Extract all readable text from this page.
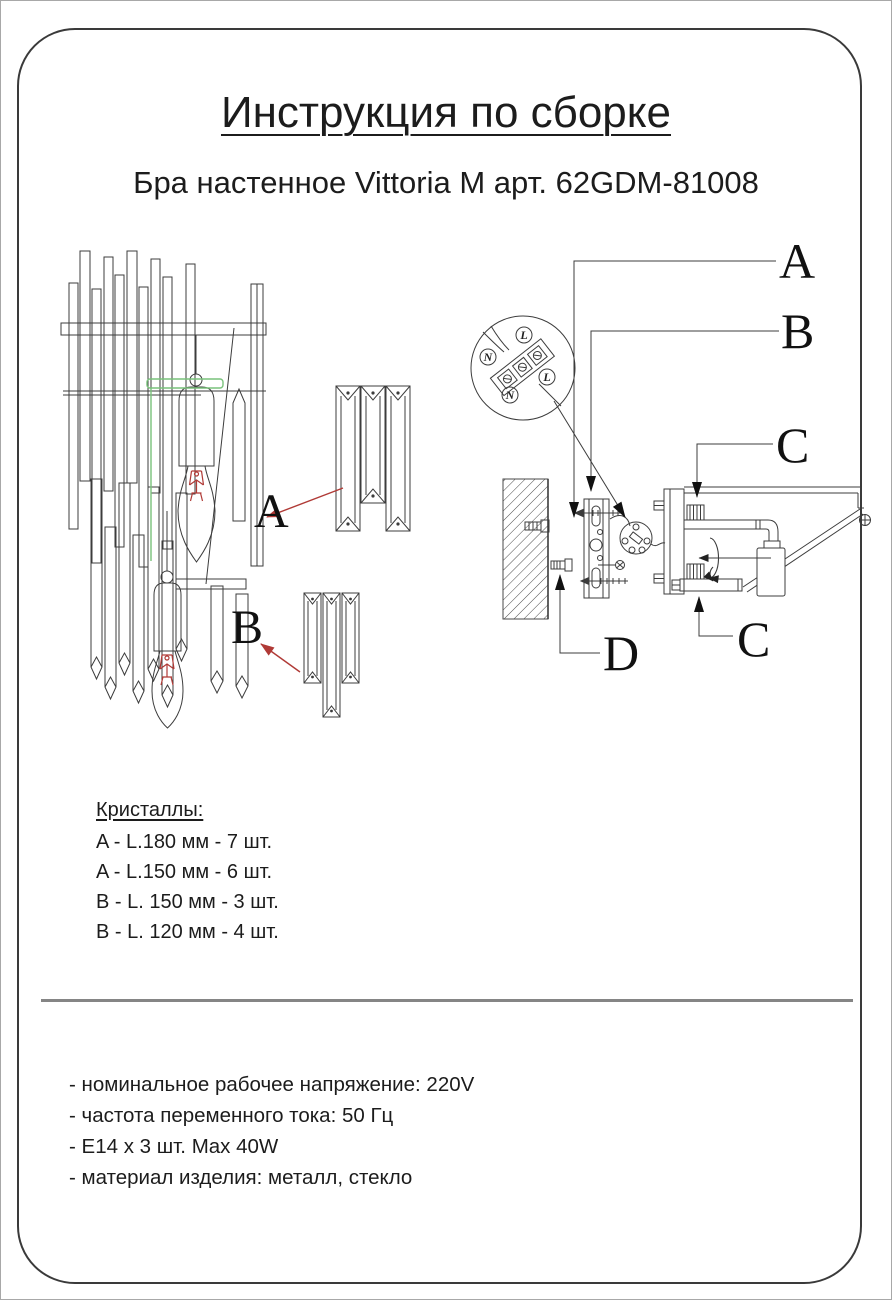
Инструкция по сборке
Бра настенное Vittoria M арт. 62GDM-81008
A
B
N
L
N
L
A
B
C
C
D
Кристаллы:
A - L.180 мм - 7 шт.
A - L.150 мм - 6 шт.
B - L. 150 мм - 3 шт.
B - L. 120 мм - 4 шт.
- номинальное рабочее напряжение: 220V
- частота переменного тока: 50 Гц
- E14 x 3 шт. Max 40W
- материал изделия: металл, стекло
